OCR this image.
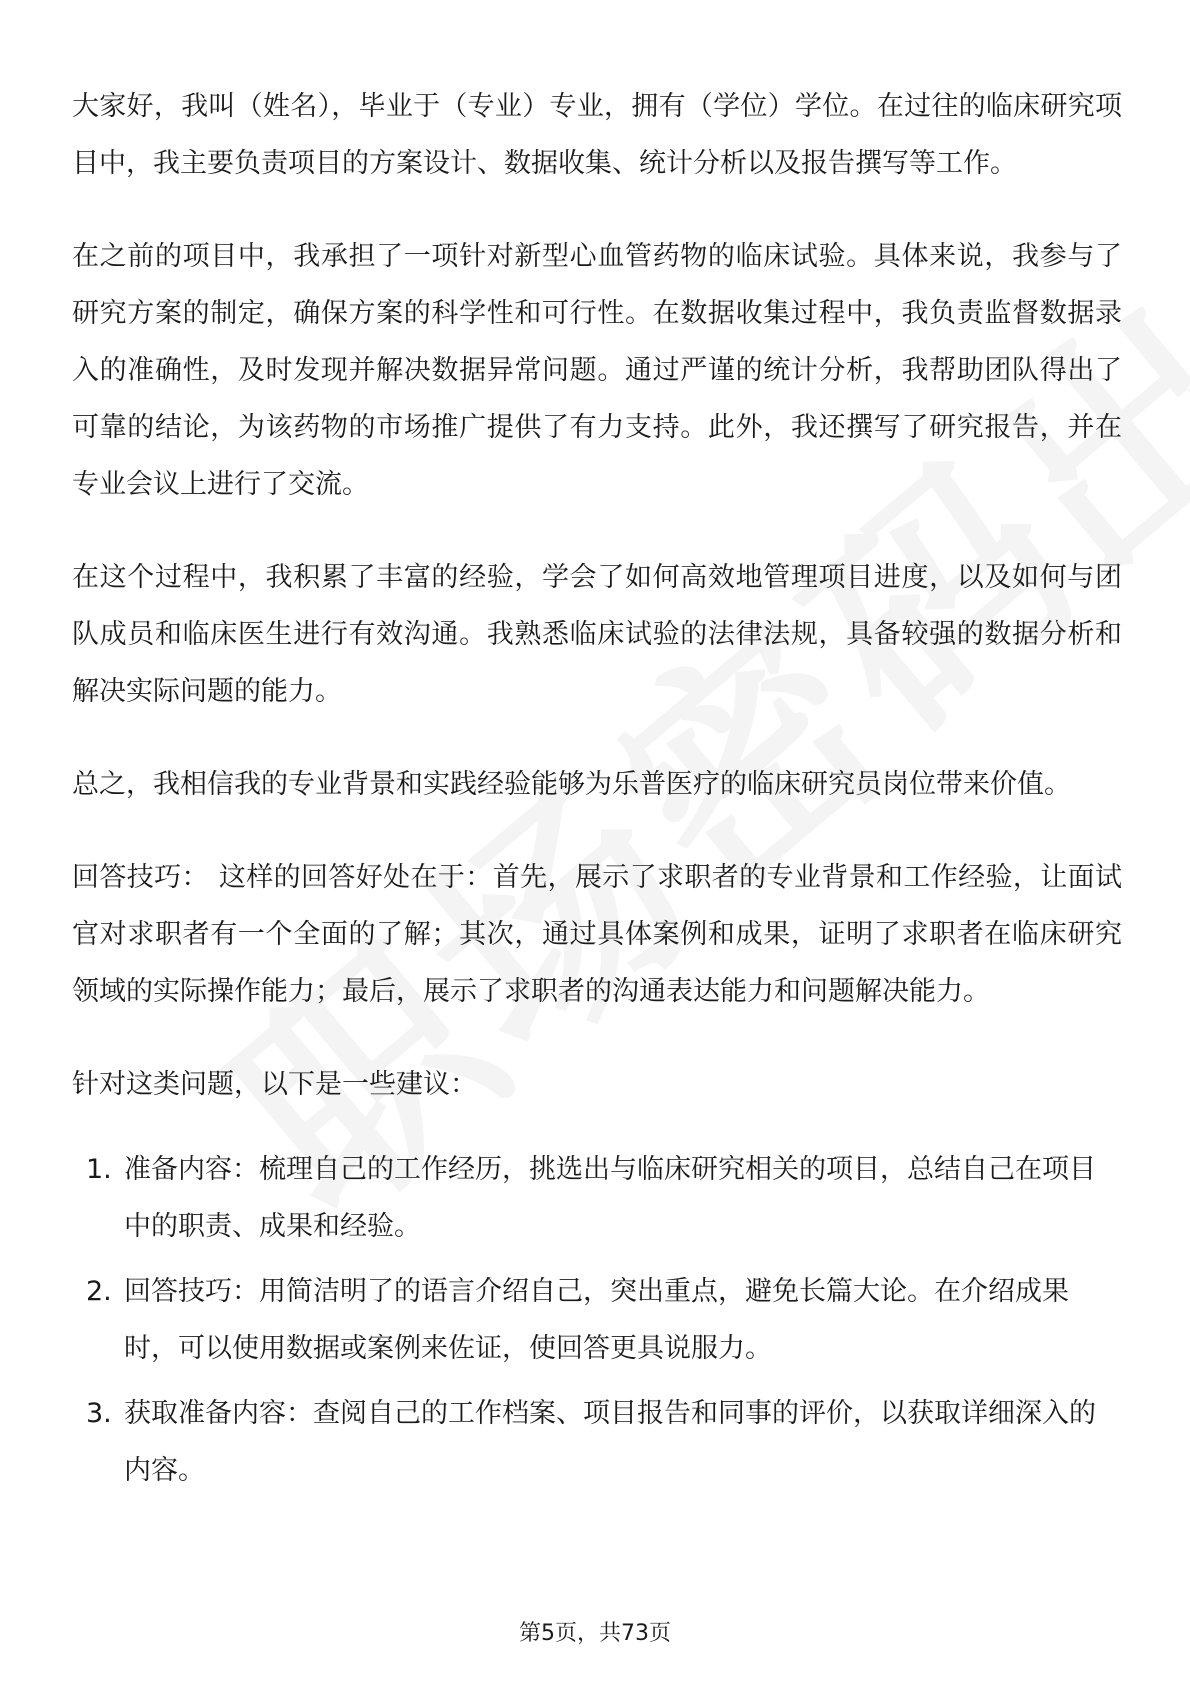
大家好，我叫（姓名），毕业于（专业）专业，拥有（学位）学位。在过往的临床研究项目中，我主要负责项目的方案设计、数据收集、统计分析以及报告撰写等工作。

在之前的项目中，我承担了一项针对新型心血管药物的临床试验。具体来说，我参与了研究方案的制定，确保方案的科学性和可行性。在数据收集过程中，我负责监督数据录入的准确性，及时发现并解决数据异常问题。通过严谨的统计分析，我帮助团队得出了可靠的结论，为该药物的市场推广提供了有力支持。此外，我还撰写了研究报告，并在专业会议上进行了交流。

在这个过程中，我积累了丰富的经验，学会了如何高效地管理项目进度，以及如何与团队成员和临床医生进行有效沟通。我熟悉临床试验的法律法规，具备较强的数据分析和解决实际问题的能力。

总之，我相信我的专业背景和实践经验能够为乐普医疗的临床研究员岗位带来价值。

回答技巧： 这样的回答好处在于：首先，展示了求职者的专业背景和工作经验，让面试官对求职者有一个全面的了解；其次，通过具体案例和成果，证明了求职者在临床研究领域的实际操作能力；最后，展示了求职者的沟通表达能力和问题解决能力。

针对这类问题，以下是一些建议：

1. 准备内容：梳理自己的工作经历，挑选出与临床研究相关的项目，总结自己在项目中的职责、成果和经验。
2. 回答技巧：用简洁明了的语言介绍自己，突出重点，避免长篇大论。在介绍成果时，可以使用数据或案例来佐证，使回答更具说服力。
3. 获取准备内容：查阅自己的工作档案、项目报告和同事的评价，以获取详细深入的内容。
第5页，共73页
